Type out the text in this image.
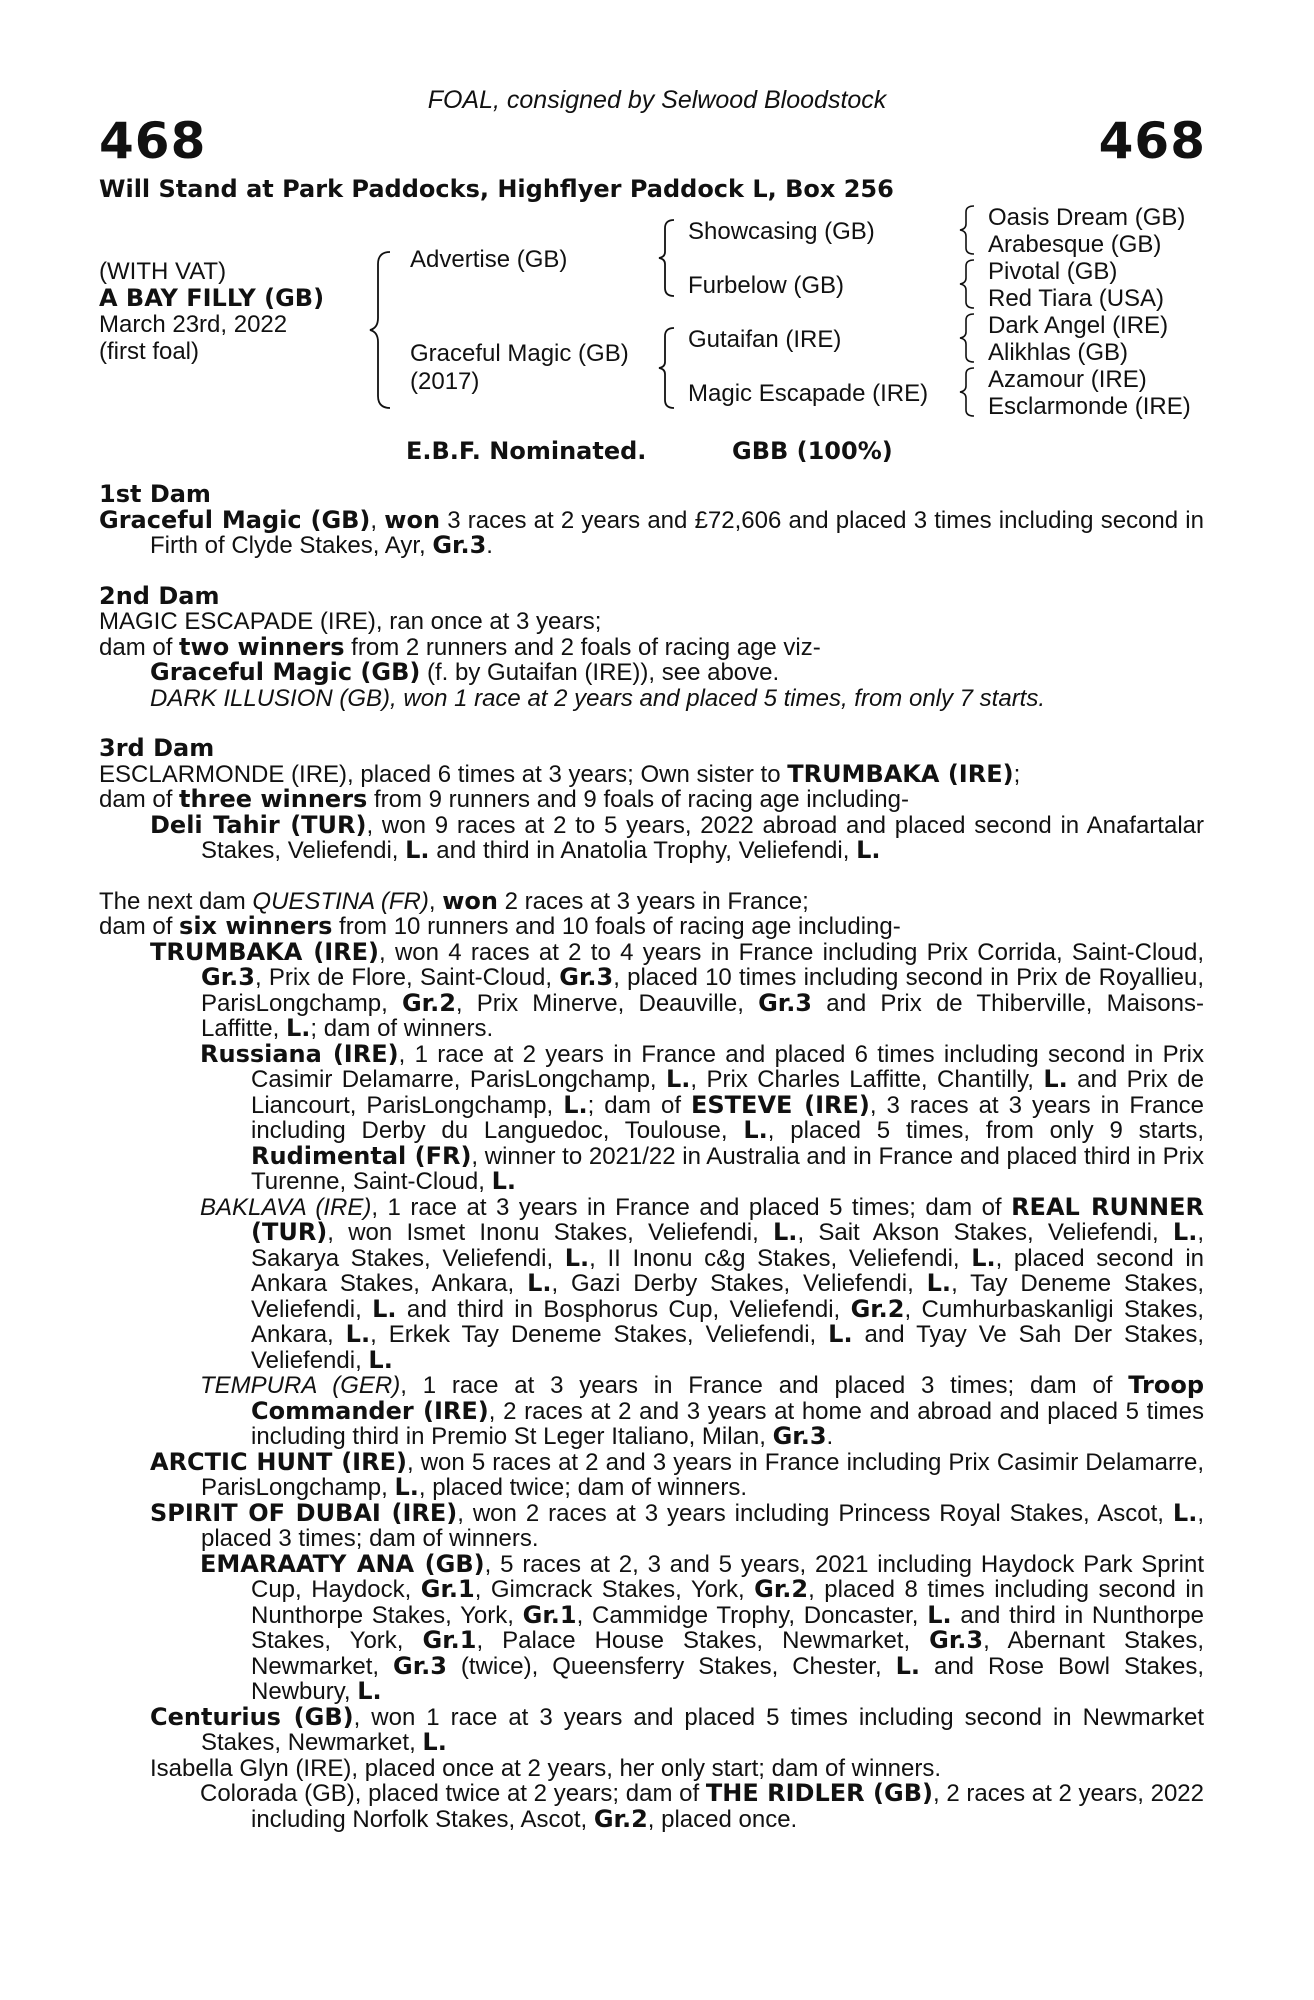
FOAL, consigned by Selwood Bloodstock
468	468
Will Stand at Park Paddocks, Highflyer Paddock L, Box 256
(WITH VAT)
A BAY FILLY (GB)
March 23rd, 2022
(first foal)
Advertise (GB)
Graceful Magic (GB)
(2017)
Showcasing (GB)
Furbelow (GB)
Gutaifan (IRE)
Magic Escapade (IRE)
Oasis Dream (GB)
Arabesque (GB)
Pivotal (GB)
Red Tiara (USA)
Dark Angel (IRE)
Alikhlas (GB)
Azamour (IRE)
Esclarmonde (IRE)
E.B.F. Nominated.	GBB (100%)
1st Dam
Graceful Magic (GB), won 3 races at 2 years and £72,606 and placed 3 times including second in Firth of Clyde Stakes, Ayr, Gr.3.
2nd Dam
MAGIC ESCAPADE (IRE), ran once at 3 years;
dam of two winners from 2 runners and 2 foals of racing age viz-
Graceful Magic (GB) (f. by Gutaifan (IRE)), see above.
DARK ILLUSION (GB), won 1 race at 2 years and placed 5 times, from only 7 starts.
3rd Dam
ESCLARMONDE (IRE), placed 6 times at 3 years; Own sister to TRUMBAKA (IRE);
dam of three winners from 9 runners and 9 foals of racing age including-
Deli Tahir (TUR), won 9 races at 2 to 5 years, 2022 abroad and placed second in Anafartalar Stakes, Veliefendi, L. and third in Anatolia Trophy, Veliefendi, L.
The next dam QUESTINA (FR), won 2 races at 3 years in France;
dam of six winners from 10 runners and 10 foals of racing age including-
TRUMBAKA (IRE), won 4 races at 2 to 4 years in France including Prix Corrida, Saint-Cloud, Gr.3, Prix de Flore, Saint-Cloud, Gr.3, placed 10 times including second in Prix de Royallieu, ParisLongchamp, Gr.2, Prix Minerve, Deauville, Gr.3 and Prix de Thiberville, Maisons-Laffitte, L.; dam of winners.
Russiana (IRE), 1 race at 2 years in France and placed 6 times including second in Prix Casimir Delamarre, ParisLongchamp, L., Prix Charles Laffitte, Chantilly, L. and Prix de Liancourt, ParisLongchamp, L.; dam of ESTEVE (IRE), 3 races at 3 years in France including Derby du Languedoc, Toulouse, L., placed 5 times, from only 9 starts, Rudimental (FR), winner to 2021/22 in Australia and in France and placed third in Prix Turenne, Saint-Cloud, L.
BAKLAVA (IRE), 1 race at 3 years in France and placed 5 times; dam of REAL RUNNER (TUR), won Ismet Inonu Stakes, Veliefendi, L., Sait Akson Stakes, Veliefendi, L., Sakarya Stakes, Veliefendi, L., II Inonu c&g Stakes, Veliefendi, L., placed second in Ankara Stakes, Ankara, L., Gazi Derby Stakes, Veliefendi, L., Tay Deneme Stakes, Veliefendi, L. and third in Bosphorus Cup, Veliefendi, Gr.2, Cumhurbaskanligi Stakes, Ankara, L., Erkek Tay Deneme Stakes, Veliefendi, L. and Tyay Ve Sah Der Stakes, Veliefendi, L.
TEMPURA (GER), 1 race at 3 years in France and placed 3 times; dam of Troop Commander (IRE), 2 races at 2 and 3 years at home and abroad and placed 5 times including third in Premio St Leger Italiano, Milan, Gr.3.
ARCTIC HUNT (IRE), won 5 races at 2 and 3 years in France including Prix Casimir Delamarre, ParisLongchamp, L., placed twice; dam of winners.
SPIRIT OF DUBAI (IRE), won 2 races at 3 years including Princess Royal Stakes, Ascot, L., placed 3 times; dam of winners.
EMARAATY ANA (GB), 5 races at 2, 3 and 5 years, 2021 including Haydock Park Sprint Cup, Haydock, Gr.1, Gimcrack Stakes, York, Gr.2, placed 8 times including second in Nunthorpe Stakes, York, Gr.1, Cammidge Trophy, Doncaster, L. and third in Nunthorpe Stakes, York, Gr.1, Palace House Stakes, Newmarket, Gr.3, Abernant Stakes, Newmarket, Gr.3 (twice), Queensferry Stakes, Chester, L. and Rose Bowl Stakes, Newbury, L.
Centurius (GB), won 1 race at 3 years and placed 5 times including second in Newmarket Stakes, Newmarket, L.
Isabella Glyn (IRE), placed once at 2 years, her only start; dam of winners.
Colorada (GB), placed twice at 2 years; dam of THE RIDLER (GB), 2 races at 2 years, 2022 including Norfolk Stakes, Ascot, Gr.2, placed once.
